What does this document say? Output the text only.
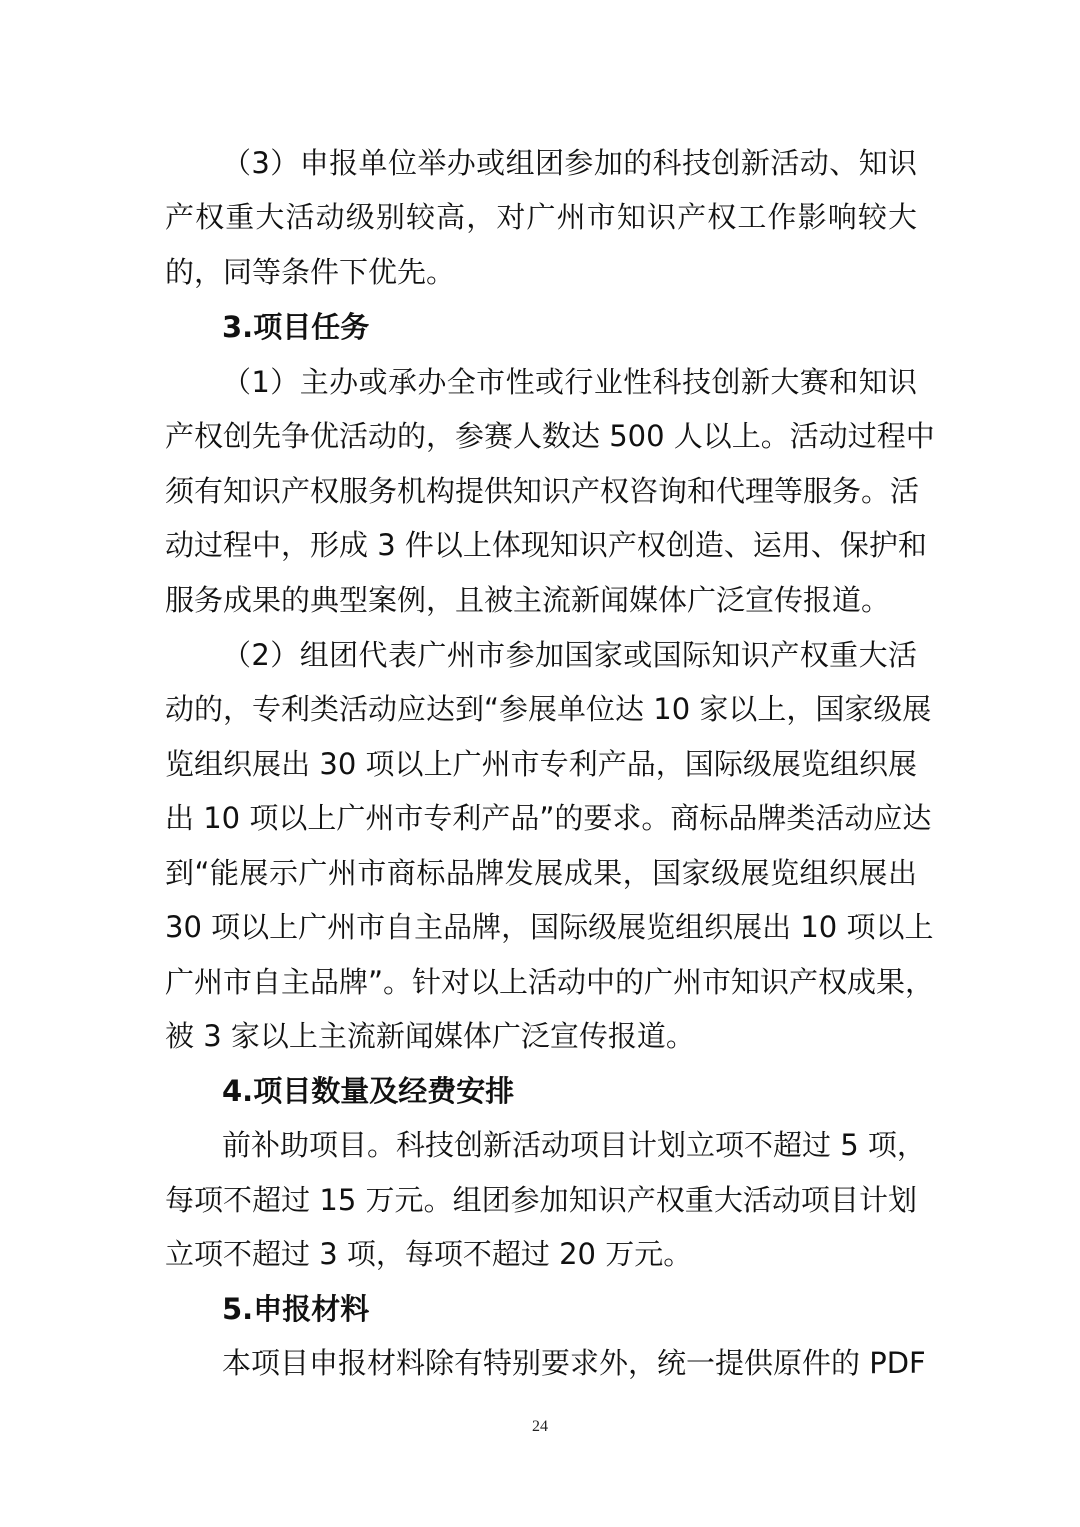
（3）申报单位举办或组团参加的科技创新活动、知识
产权重大活动级别较高，对广州市知识产权工作影响较大
的，同等条件下优先。
3.项目任务
（1）主办或承办全市性或行业性科技创新大赛和知识
产权创先争优活动的，参赛人数达 500 人以上。活动过程中
须有知识产权服务机构提供知识产权咨询和代理等服务。活
动过程中，形成 3 件以上体现知识产权创造、运用、保护和
服务成果的典型案例，且被主流新闻媒体广泛宣传报道。
（2）组团代表广州市参加国家或国际知识产权重大活
动的，专利类活动应达到“参展单位达 10 家以上，国家级展
览组织展出 30 项以上广州市专利产品，国际级展览组织展
出 10 项以上广州市专利产品”的要求。商标品牌类活动应达
到“能展示广州市商标品牌发展成果，国家级展览组织展出
30 项以上广州市自主品牌，国际级展览组织展出 10 项以上
广州市自主品牌”。针对以上活动中的广州市知识产权成果，
被 3 家以上主流新闻媒体广泛宣传报道。
4.项目数量及经费安排
前补助项目。科技创新活动项目计划立项不超过 5 项，
每项不超过 15 万元。组团参加知识产权重大活动项目计划
立项不超过 3 项，每项不超过 20 万元。
5.申报材料
本项目申报材料除有特别要求外，统一提供原件的 PDF
24
